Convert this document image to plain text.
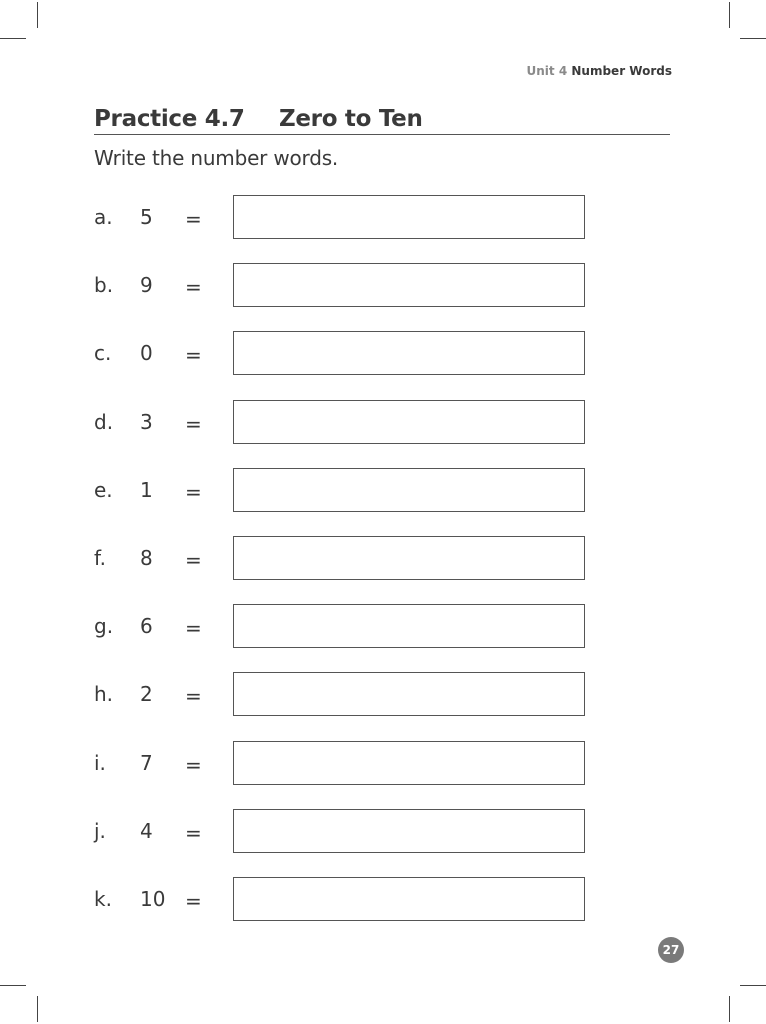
Unit 4 Number Words
Practice 4.7 Zero to Ten
Write the number words.
a. 5 =
b. 9 =
c. 0 =
d. 3 =
e. 1 =
f. 8 =
g. 6 =
h. 2 =
i. 7 =
j. 4 =
k. 10 =
27
